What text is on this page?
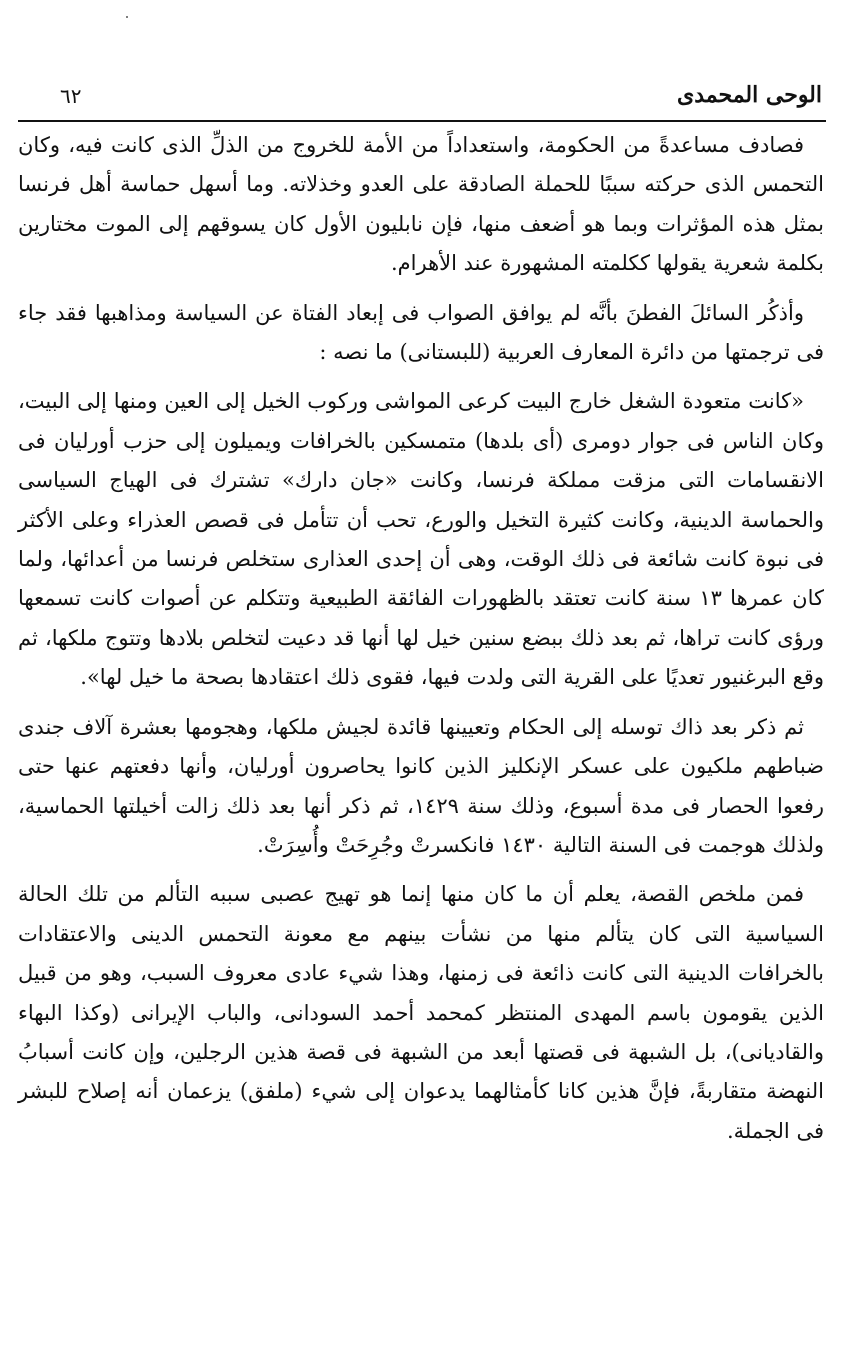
الوحى المحمدى
٦٢

فصادف مساعدةً من الحكومة، واستعداداً من الأمة للخروج من الذلِّ الذى كانت فيه، وكان التحمس الذى حركته سببًا للحملة الصادقة على العدو وخذلاته. وما أسهل حماسة أهل فرنسا بمثل هذه المؤثرات وبما هو أضعف منها، فإن نابليون الأول كان يسوقهم إلى الموت مختارين بكلمة شعرية يقولها ككلمته المشهورة عند الأهرام.

وأذكُر السائلَ الفطنَ بأنَّه لم يوافق الصواب فى إبعاد الفتاة عن السياسة ومذاهبها فقد جاء فى ترجمتها من دائرة المعارف العربية (للبستانى) ما نصه :

«كانت متعودة الشغل خارج البيت كرعى المواشى وركوب الخيل إلى العين ومنها إلى البيت، وكان الناس فى جوار دومرى (أى بلدها) متمسكين بالخرافات ويميلون إلى حزب أورليان فى الانقسامات التى مزقت مملكة فرنسا، وكانت «جان دارك» تشترك فى الهياج السياسى والحماسة الدينية، وكانت كثيرة التخيل والورع، تحب أن تتأمل فى قصص العذراء وعلى الأكثر فى نبوة كانت شائعة فى ذلك الوقت، وهى أن إحدى العذارى ستخلص فرنسا من أعدائها، ولما كان عمرها ١٣ سنة كانت تعتقد بالظهورات الفائقة الطبيعية وتتكلم عن أصوات كانت تسمعها ورؤى كانت تراها، ثم بعد ذلك ببضع سنين خيل لها أنها قد دعيت لتخلص بلادها وتتوج ملكها، ثم وقع البرغنيور تعديًا على القرية التى ولدت فيها، فقوى ذلك اعتقادها بصحة ما خيل لها».

ثم ذكر بعد ذاك توسله إلى الحكام وتعيينها قائدة لجيش ملكها، وهجومها بعشرة آلاف جندى ضباطهم ملكيون على عسكر الإنكليز الذين كانوا يحاصرون أورليان، وأنها دفعتهم عنها حتى رفعوا الحصار فى مدة أسبوع، وذلك سنة ١٤٢٩، ثم ذكر أنها بعد ذلك زالت أخيلتها الحماسية، ولذلك هوجمت فى السنة التالية ١٤٣٠ فانكسرتْ وجُرِحَتْ وأُسِرَتْ.

فمن ملخص القصة، يعلم أن ما كان منها إنما هو تهيج عصبى سببه التألم من تلك الحالة السياسية التى كان يتألم منها من نشأت بينهم مع معونة التحمس الدينى والاعتقادات بالخرافات الدينية التى كانت ذائعة فى زمنها، وهذا شيء عادى معروف السبب، وهو من قبيل الذين يقومون باسم المهدى المنتظر كمحمد أحمد السودانى، والباب الإيرانى (وكذا البهاء والقاديانى)، بل الشبهة فى قصتها أبعد من الشبهة فى قصة هذين الرجلين، وإن كانت أسبابُ النهضة متقاربةً، فإنَّ هذين كانا كأمثالهما يدعوان إلى شيء (ملفق) يزعمان أنه إصلاح للبشر فى الجملة.
